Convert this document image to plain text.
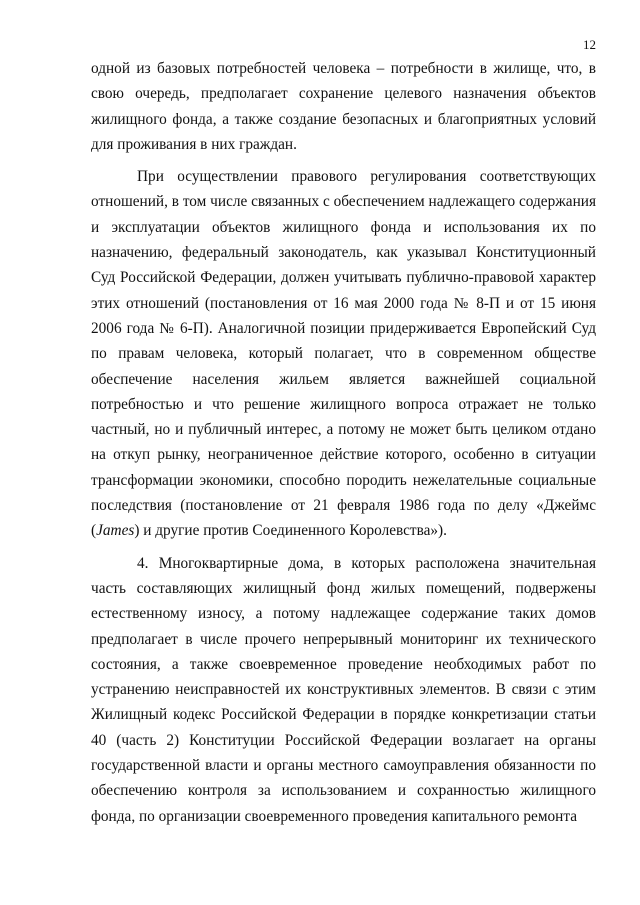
12

одной из базовых потребностей человека – потребности в жилище, что, в свою очередь, предполагает сохранение целевого назначения объектов жилищного фонда, а также создание безопасных и благоприятных условий для проживания в них граждан.

При осуществлении правового регулирования соответствующих отношений, в том числе связанных с обеспечением надлежащего содержания и эксплуатации объектов жилищного фонда и использования их по назначению, федеральный законодатель, как указывал Конституционный Суд Российской Федерации, должен учитывать публично-правовой характер этих отношений (постановления от 16 мая 2000 года № 8-П и от 15 июня 2006 года № 6-П). Аналогичной позиции придерживается Европейский Суд по правам человека, который полагает, что в современном обществе обеспечение населения жильем является важнейшей социальной потребностью и что решение жилищного вопроса отражает не только частный, но и публичный интерес, а потому не может быть целиком отдано на откуп рынку, неограниченное действие которого, особенно в ситуации трансформации экономики, способно породить нежелательные социальные последствия (постановление от 21 февраля 1986 года по делу «Джеймс (James) и другие против Соединенного Королевства»).

4. Многоквартирные дома, в которых расположена значительная часть составляющих жилищный фонд жилых помещений, подвержены естественному износу, а потому надлежащее содержание таких домов предполагает в числе прочего непрерывный мониторинг их технического состояния, а также своевременное проведение необходимых работ по устранению неисправностей их конструктивных элементов. В связи с этим Жилищный кодекс Российской Федерации в порядке конкретизации статьи 40 (часть 2) Конституции Российской Федерации возлагает на органы государственной власти и органы местного самоуправления обязанности по обеспечению контроля за использованием и сохранностью жилищного фонда, по организации своевременного проведения капитального ремонта
